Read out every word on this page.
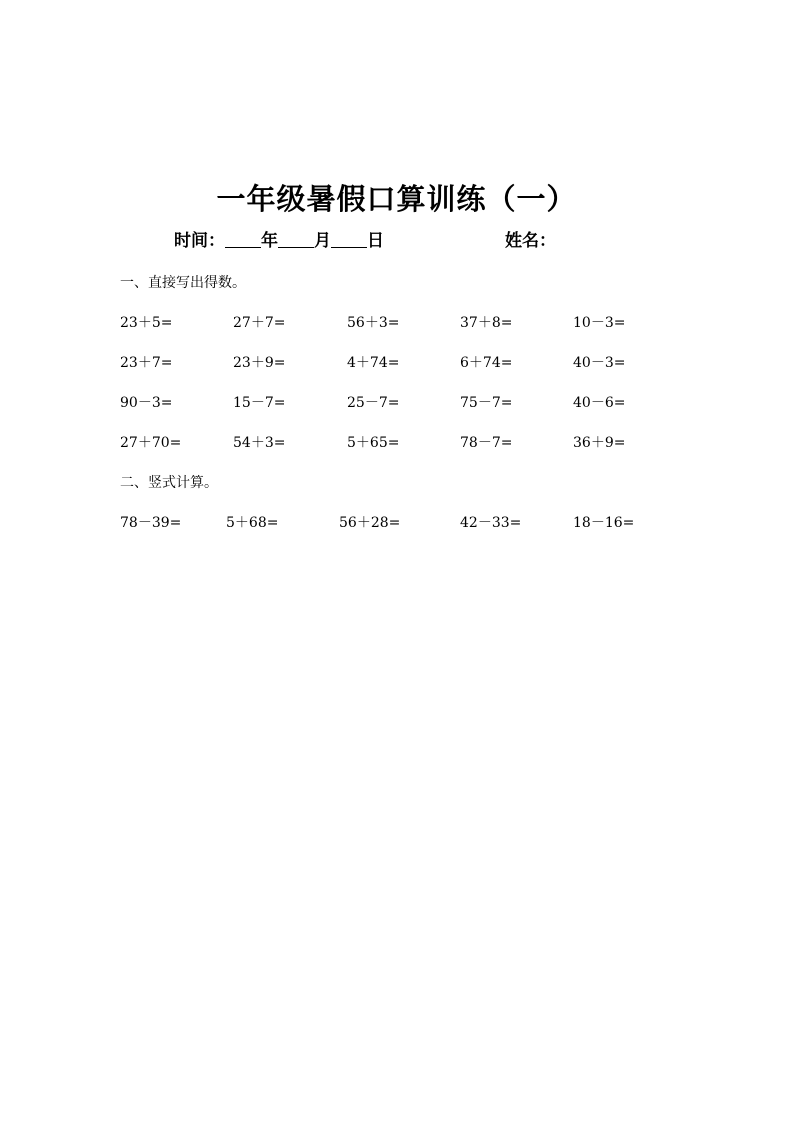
一年级暑假口算训练（一）
时间： 年 月 日	姓名：
一、直接写出得数。
23＋5=	27＋7=	56＋3=	37＋8=	10－3=
23＋7=	23＋9=	4＋74=	6＋74=	40－3=
90－3=	15－7=	25－7=	75－7=	40－6=
27＋70=	54＋3=	5＋65=	78－7=	36＋9=
二、竖式计算。
78－39=	5＋68=	56＋28=	42－33=	18－16=
